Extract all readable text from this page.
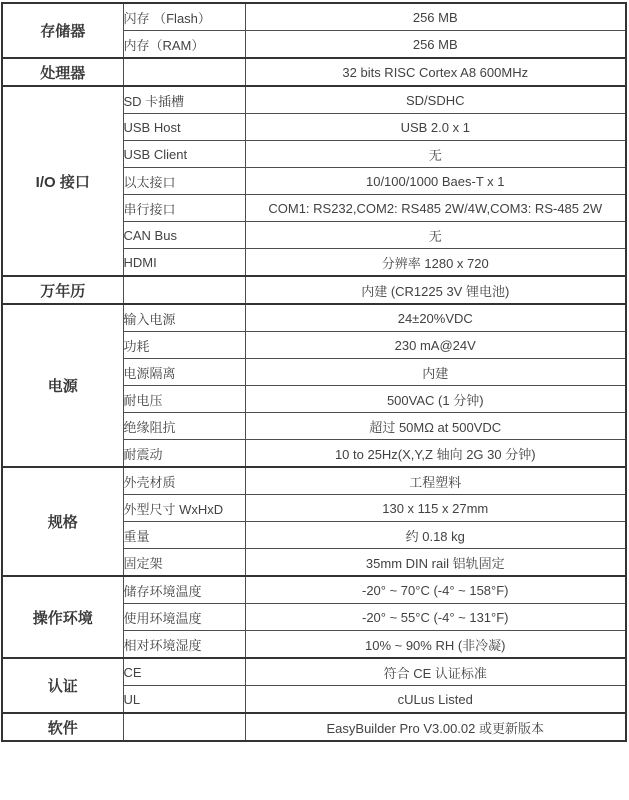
存储器	闪存 （Flash）	256 MB
	内存（RAM）	256 MB
处理器		32 bits RISC Cortex A8 600MHz
I/O 接口	SD 卡插槽	SD/SDHC
	USB Host	USB 2.0 x 1
	USB Client	无
	以太接口	10/100/1000 Baes-T x 1
	串行接口	COM1: RS232,COM2: RS485 2W/4W,COM3: RS-485 2W
	CAN Bus	无
	HDMI	分辨率 1280 x 720
万年历		内建 (CR1225 3V 锂电池)
电源	输入电源	24±20%VDC
	功耗	230 mA@24V
	电源隔离	内建
	耐电压	500VAC (1 分钟)
	绝缘阻抗	超过 50MΩ at 500VDC
	耐震动	10 to 25Hz(X,Y,Z 轴向 2G 30 分钟)
规格	外壳材质	工程塑料
	外型尺寸 WxHxD	130 x 115 x 27mm
	重量	约 0.18 kg
	固定架	35mm DIN rail 铝轨固定
操作环境	储存环境温度	-20° ~ 70°C (-4° ~ 158°F)
	使用环境温度	-20° ~ 55°C (-4° ~ 131°F)
	相对环境湿度	10% ~ 90% RH (非冷凝)
认证	CE	符合 CE 认证标准
	UL	cULus Listed
软件		EasyBuilder Pro V3.00.02 或更新版本
